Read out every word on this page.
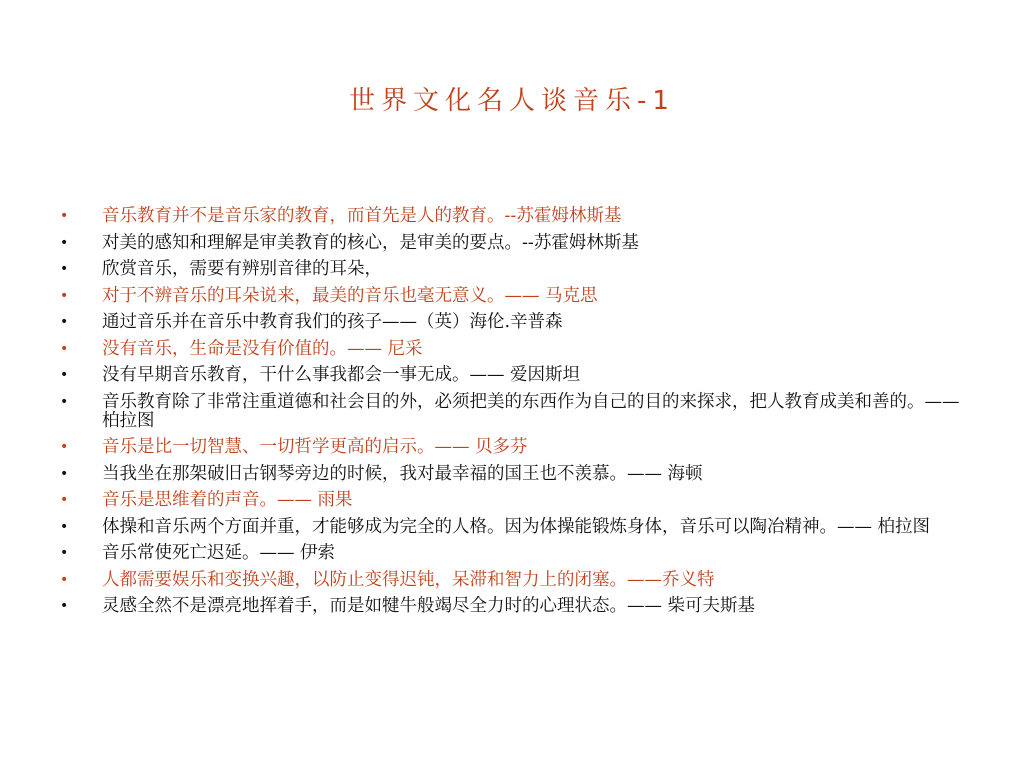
世界文化名人谈音乐-1
•	音乐教育并不是音乐家的教育，而首先是人的教育。--苏霍姆林斯基
•	对美的感知和理解是审美教育的核心，是审美的要点。--苏霍姆林斯基
•	欣赏音乐，需要有辨别音律的耳朵，
•	对于不辨音乐的耳朵说来，最美的音乐也毫无意义。—— 马克思
•	通过音乐并在音乐中教育我们的孩子——（英）海伦.辛普森
•	没有音乐，生命是没有价值的。—— 尼采
•	没有早期音乐教育，干什么事我都会一事无成。—— 爱因斯坦
•	音乐教育除了非常注重道德和社会目的外，必须把美的东西作为自己的目的来探求，把人教育成美和善的。—— 柏拉图
•	音乐是比一切智慧、一切哲学更高的启示。—— 贝多芬
•	当我坐在那架破旧古钢琴旁边的时候，我对最幸福的国王也不羡慕。—— 海顿
•	音乐是思维着的声音。—— 雨果
•	体操和音乐两个方面并重，才能够成为完全的人格。因为体操能锻炼身体，音乐可以陶冶精神。—— 柏拉图
•	音乐常使死亡迟延。—— 伊索
•	人都需要娱乐和变换兴趣，以防止变得迟钝，呆滞和智力上的闭塞。——乔义特
•	灵感全然不是漂亮地挥着手，而是如犍牛般竭尽全力时的心理状态。—— 柴可夫斯基
